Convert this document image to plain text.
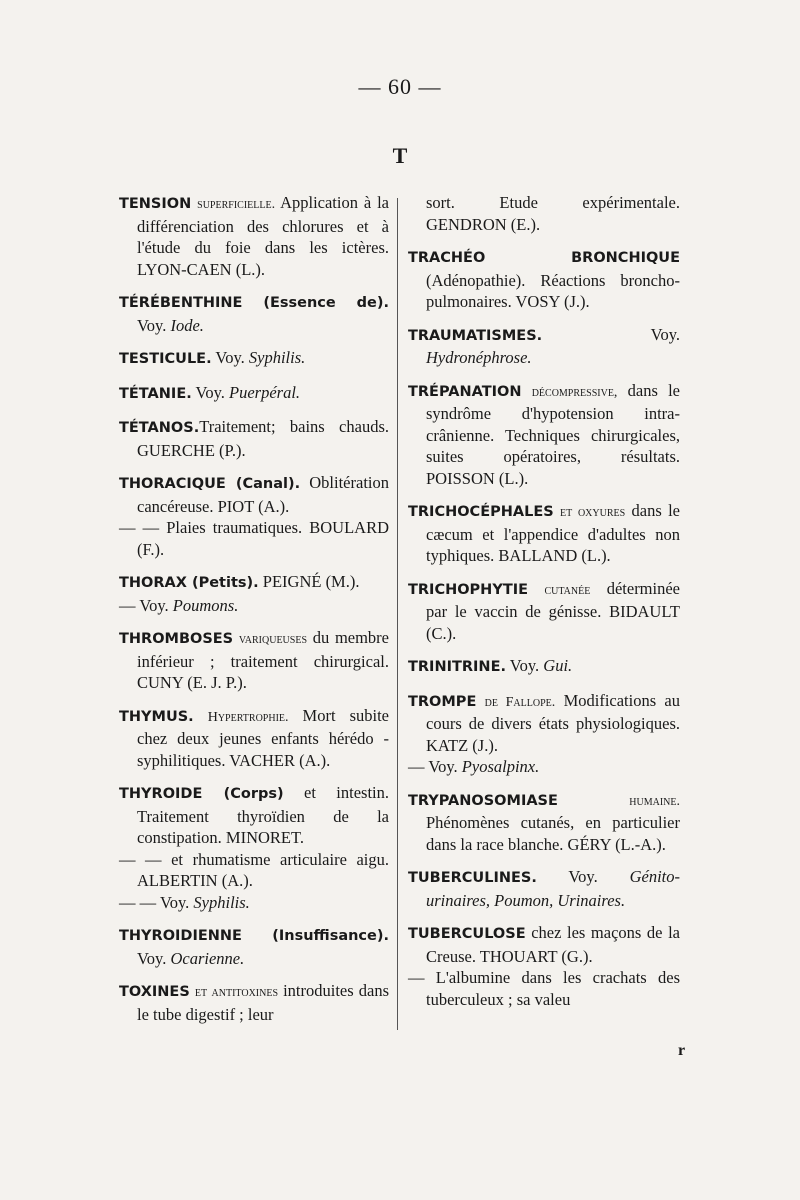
— 60 —
T

TENSION superficielle. Application à la différenciation des chlorures et à l'étude du foie dans les ictères. LYON-CAEN (L.).

TÉRÉBENTHINE (Essence de). Voy. Iode.

TESTICULE. Voy. Syphilis.

TÉTANIE. Voy. Puerpéral.

TÉTANOS.Traitement; bains chauds. GUERCHE (P.).

THORACIQUE (Canal). Oblitération cancéreuse. PIOT (A.).
— — Plaies traumatiques. BOULARD (F.).

THORAX (Petits). PEIGNÉ (M.).
— Voy. Poumons.

THROMBOSES variqueuses du membre inférieur ; traitement chirurgical. CUNY (E. J. P.).

THYMUS. Hypertrophie. Mort subite chez deux jeunes enfants hérédo - syphilitiques. VACHER (A.).

THYROIDE (Corps) et intestin. Traitement thyroïdien de la constipation. MINORET.
— — et rhumatisme articulaire aigu. ALBERTIN (A.).
— — Voy. Syphilis.

THYROIDIENNE (Insuffisance). Voy. Ocarienne.

TOXINES et antitoxines introduites dans le tube digestif ; leur

sort. Etude expérimentale. GENDRON (E.).

TRACHÉO BRONCHIQUE (Adénopathie). Réactions broncho-pulmonaires. VOSY (J.).

TRAUMATISMES. Voy. Hydronéphrose.

TRÉPANATION décompressive, dans le syndrôme d'hypotension intra-crânienne. Techniques chirurgicales, suites opératoires, résultats. POISSON (L.).

TRICHOCÉPHALES et oxyures dans le cæcum et l'appendice d'adultes non typhiques. BALLAND (L.).

TRICHOPHYTIE cutanée déterminée par le vaccin de génisse. BIDAULT (C.).

TRINITRINE. Voy. Gui.

TROMPE de Fallope. Modifications au cours de divers états physiologiques. KATZ (J.).
— Voy. Pyosalpinx.

TRYPANOSOMIASE	humaine. Phénomènes cutanés, en particulier dans la race blanche. GÉRY (L.-A.).

TUBERCULINES. Voy. Génito-urinaires, Poumon, Urinaires.

TUBERCULOSE chez les maçons de la Creuse. THOUART (G.).
— L'albumine dans les crachats des tuberculeux ; sa valeu

r
